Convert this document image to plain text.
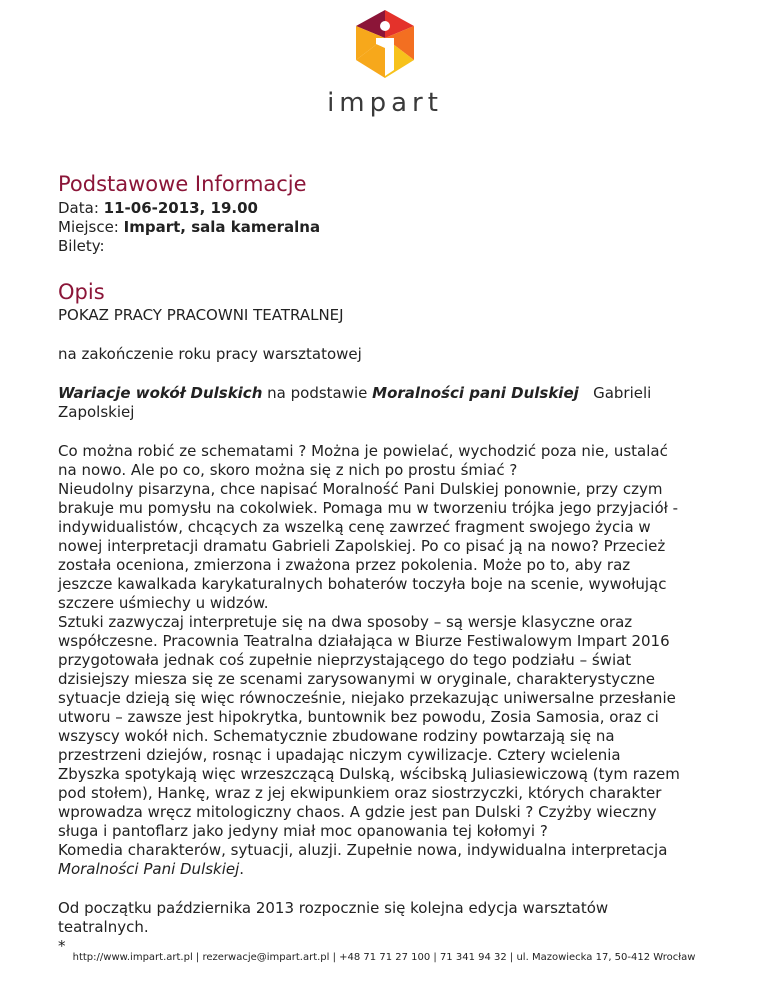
impart
Podstawowe Informacje

Data: 11-06-2013, 19.00

Miejsce: Impart, sala kameralna

Bilety:

Opis

POKAZ PRACY PRACOWNI TEATRALNEJ

na zakończenie roku pracy warsztatowej

Wariacje wokół Dulskich na podstawie Moralności pani Dulskiej   Gabrieli Zapolskiej

Co można robić ze schematami ? Można je powielać, wychodzić poza nie, ustalać

na nowo. Ale po co, skoro można się z nich po prostu śmiać ?

Nieudolny pisarzyna, chce napisać Moralność Pani Dulskiej ponownie, przy czym

brakuje mu pomysłu na cokolwiek. Pomaga mu w tworzeniu trójka jego przyjaciół -

indywidualistów, chcących za wszelką cenę zawrzeć fragment swojego życia w

nowej interpretacji dramatu Gabrieli Zapolskiej. Po co pisać ją na nowo? Przecież

została oceniona, zmierzona i zważona przez pokolenia. Może po to, aby raz

jeszcze kawalkada karykaturalnych bohaterów toczyła boje na scenie, wywołując

szczere uśmiechy u widzów.

Sztuki zazwyczaj interpretuje się na dwa sposoby – są wersje klasyczne oraz

współczesne. Pracownia Teatralna działająca w Biurze Festiwalowym Impart 2016

przygotowała jednak coś zupełnie nieprzystającego do tego podziału – świat

dzisiejszy miesza się ze scenami zarysowanymi w oryginale, charakterystyczne

sytuacje dzieją się więc równocześnie, niejako przekazując uniwersalne przesłanie

utworu – zawsze jest hipokrytka, buntownik bez powodu, Zosia Samosia, oraz ci

wszyscy wokół nich. Schematycznie zbudowane rodziny powtarzają się na

przestrzeni dziejów, rosnąc i upadając niczym cywilizacje. Cztery wcielenia

Zbyszka spotykają więc wrzeszczącą Dulską, wścibską Juliasiewiczową (tym razem

pod stołem), Hankę, wraz z jej ekwipunkiem oraz siostrzyczki, których charakter

wprowadza wręcz mitologiczny chaos. A gdzie jest pan Dulski ? Czyżby wieczny

sługa i pantoflarz jako jedyny miał moc opanowania tej kołomyi ?

Komedia charakterów, sytuacji, aluzji. Zupełnie nowa, indywidualna interpretacja

Moralności Pani Dulskiej.

Od początku października 2013 rozpocznie się kolejna edycja warsztatów

teatralnych.

*

http://www.impart.art.pl | rezerwacje@impart.art.pl | +48 71 71 27 100 | 71 341 94 32 | ul. Mazowiecka 17, 50-412 Wrocław
